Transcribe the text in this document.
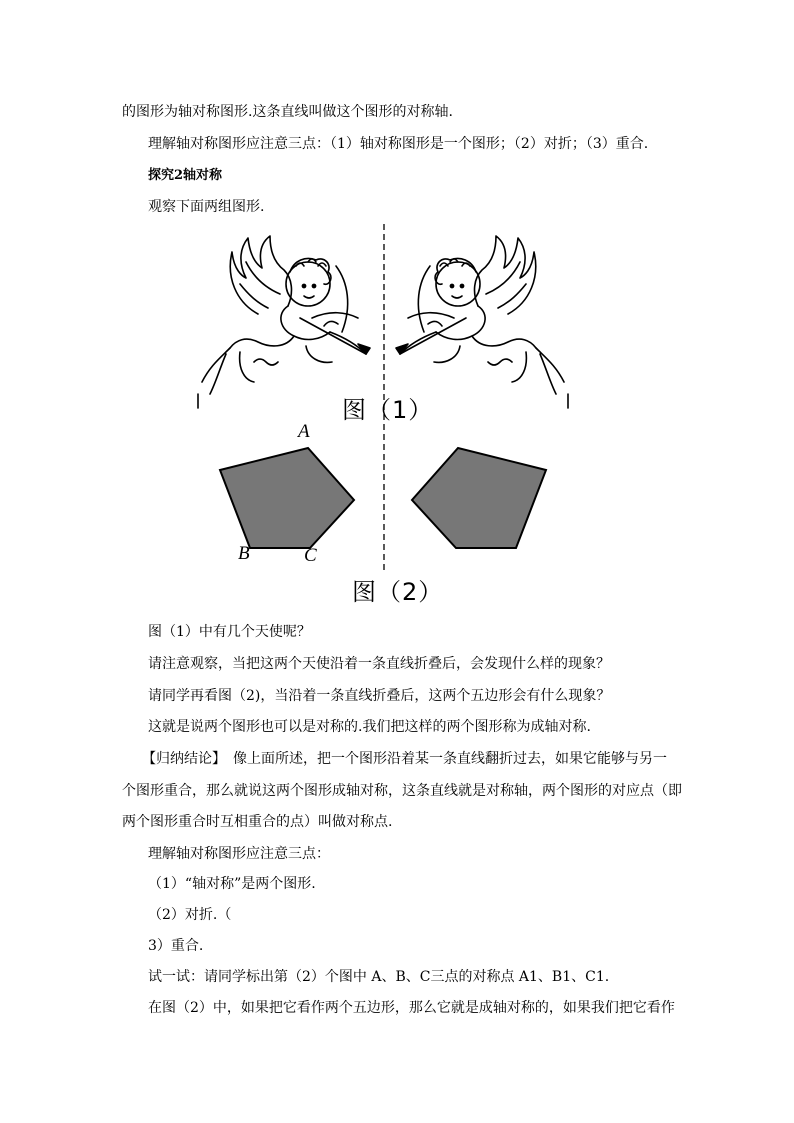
的图形为轴对称图形.这条直线叫做这个图形的对称轴.
理解轴对称图形应注意三点：（1）轴对称图形是一个图形；（2）对折；（3）重合.
探究2轴对称
观察下面两组图形.
图（1）
图（2）
A
B	C
图（1）中有几个天使呢？
请注意观察，当把这两个天使沿着一条直线折叠后，会发现什么样的现象？
请同学再看图（2)，当沿着一条直线折叠后，这两个五边形会有什么现象？
这就是说两个图形也可以是对称的.我们把这样的两个图形称为成轴对称.
【归纳结论】　像上面所述，把一个图形沿着某一条直线翻折过去，如果它能够与另一
个图形重合，那么就说这两个图形成轴对称，这条直线就是对称轴，两个图形的对应点（即
两个图形重合时互相重合的点）叫做对称点.
理解轴对称图形应注意三点：
（1）“轴对称”是两个图形.
（2）对折.（
3）重合.
试一试：请同学标出第（2）个图中 A、B、C三点的对称点 A1、B1、C1.
在图（2）中，如果把它看作两个五边形，那么它就是成轴对称的，如果我们把它看作
